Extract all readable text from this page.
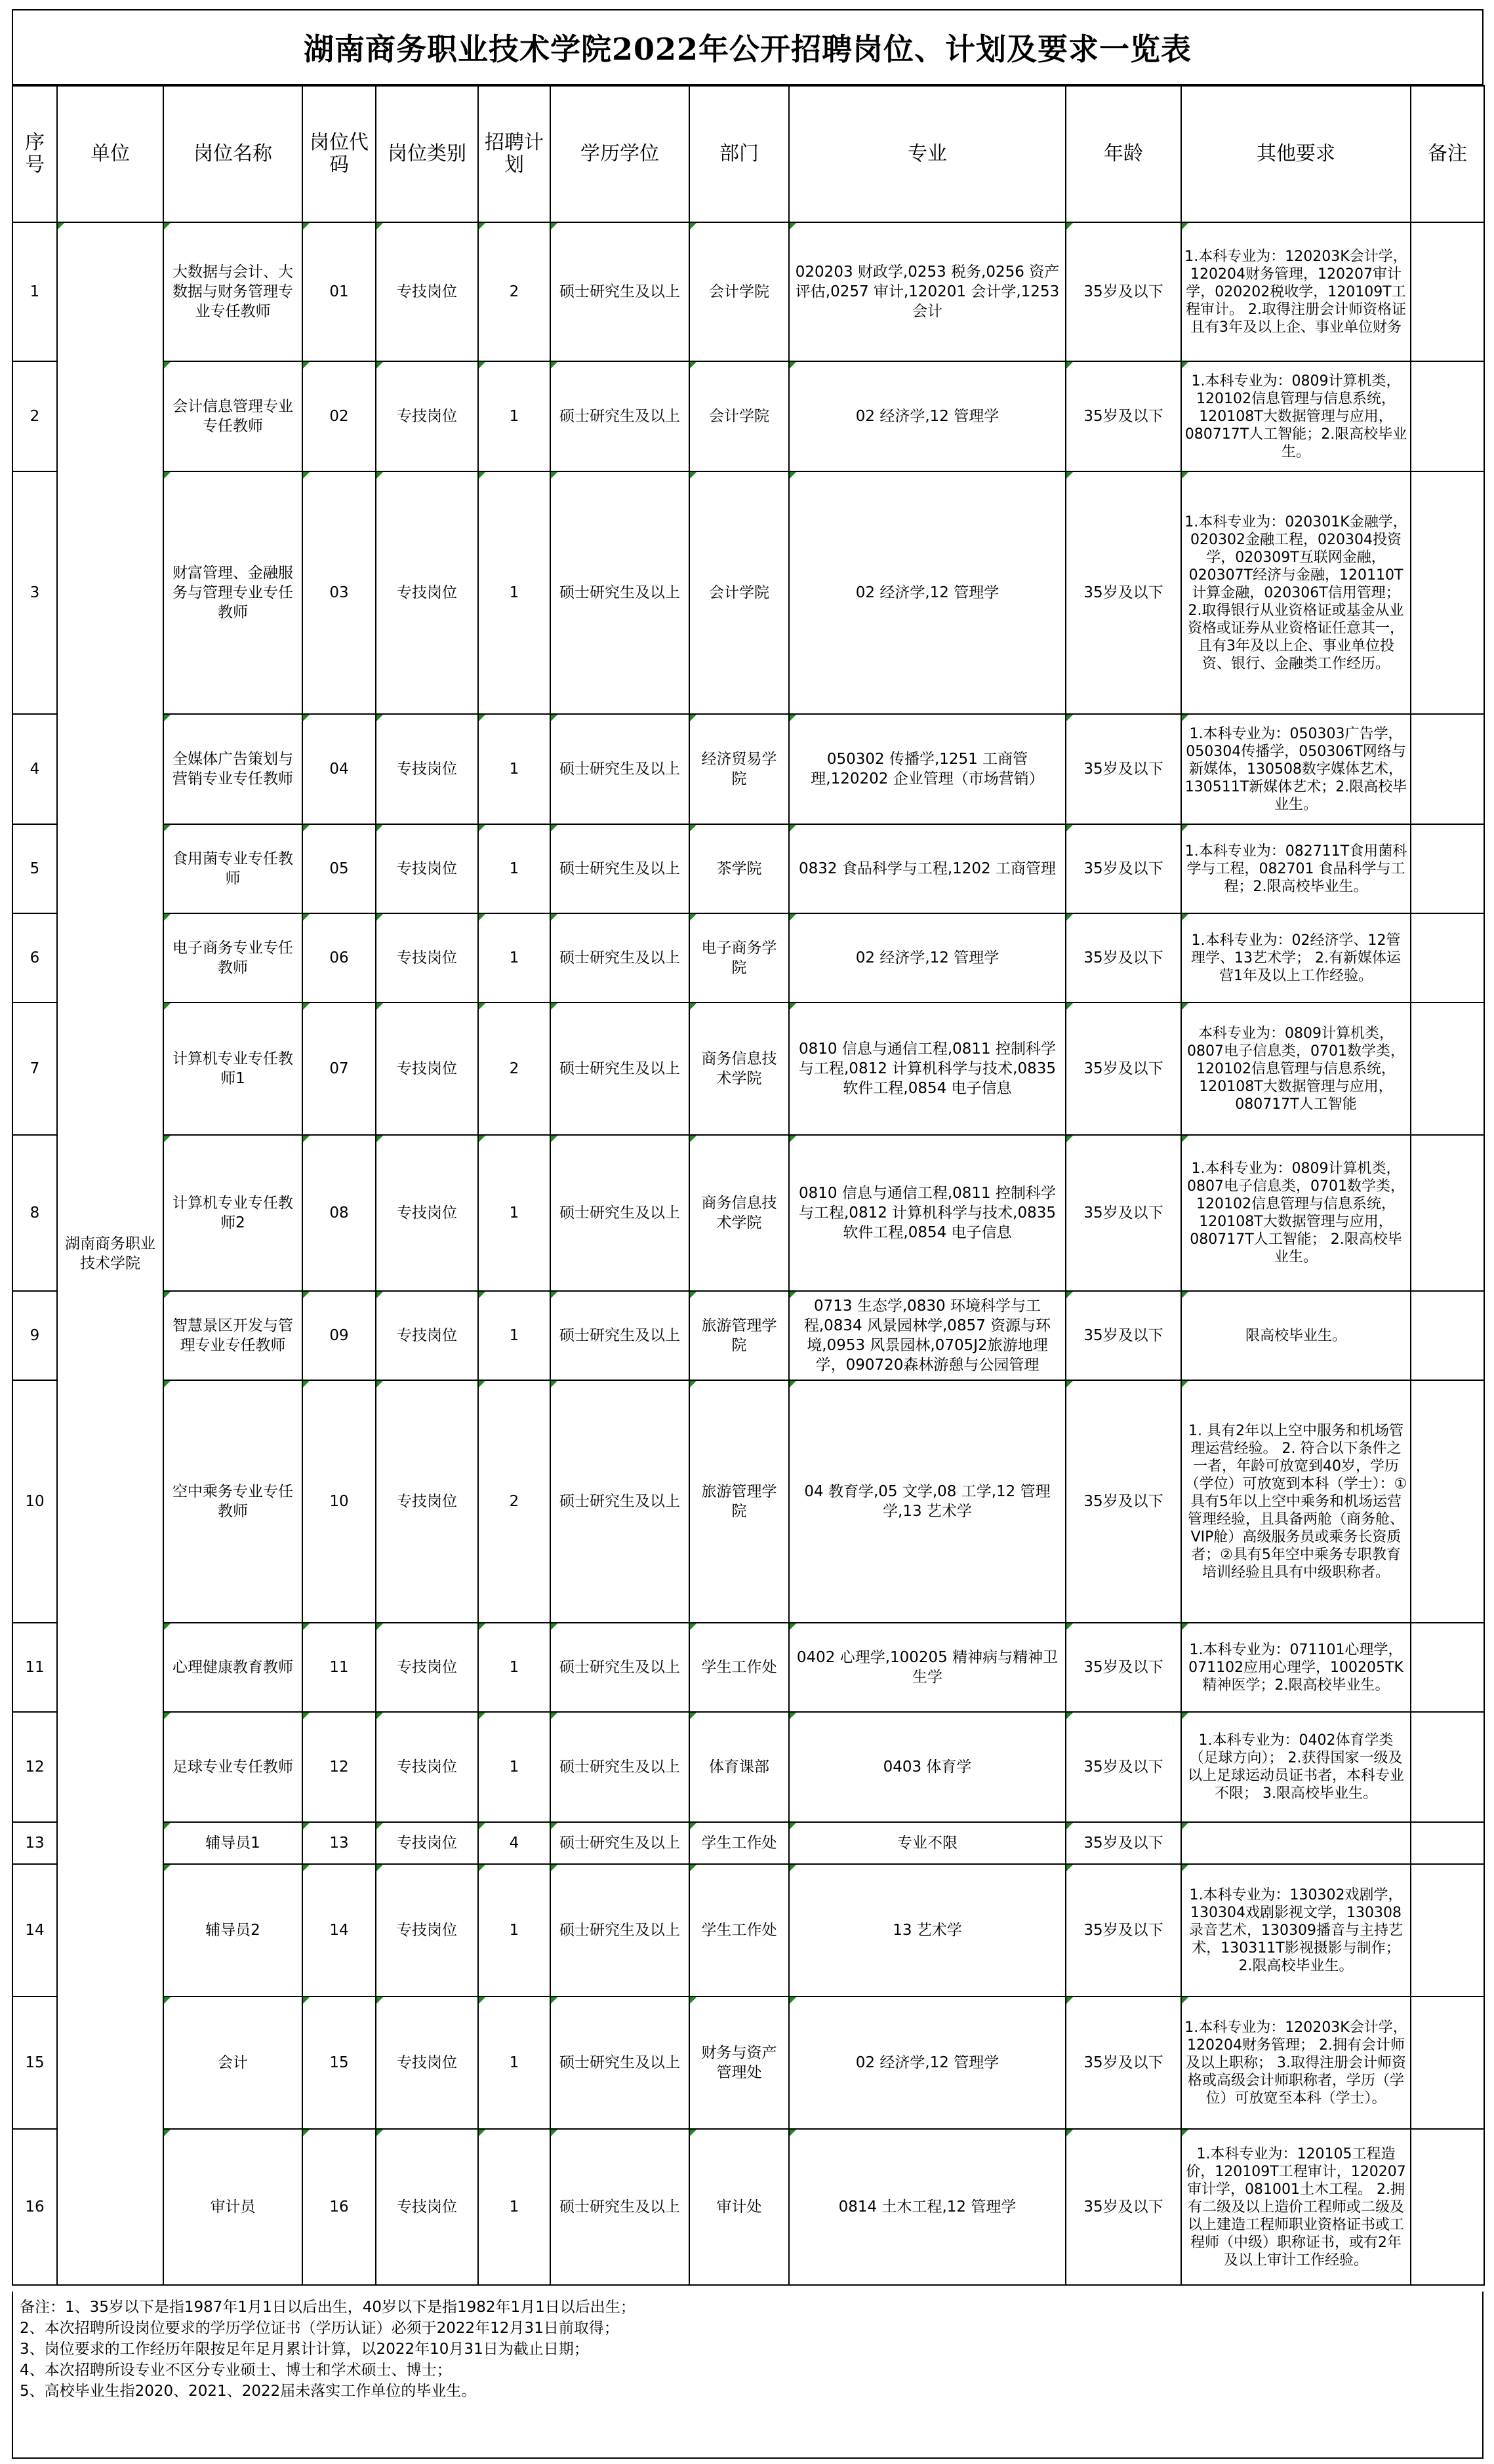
湖南商务职业技术学院2022年公开招聘岗位、计划及要求一览表
序号	单位	岗位名称	岗位代码	岗位类别	招聘计划	学历学位	部门	专业	年龄	其他要求	备注
1	湖南商务职业技术学院	大数据与会计、大数据与财务管理专业专任教师	01	专技岗位	2	硕士研究生及以上	会计学院	020203 财政学,0253 税务,0256 资产评估,0257 审计,120201 会计学,1253 会计	35岁及以下	1.本科专业为：120203K会计学，120204财务管理，120207审计学，020202税收学，120109T工程审计。 2.取得注册会计师资格证且有3年及以上企、事业单位财务	
2		会计信息管理专业专任教师	02	专技岗位	1	硕士研究生及以上	会计学院	02 经济学,12 管理学	35岁及以下	1.本科专业为：0809计算机类，120102信息管理与信息系统，120108T大数据管理与应用，080717T人工智能；2.限高校毕业生。	
3		财富管理、金融服务与管理专业专任教师	03	专技岗位	1	硕士研究生及以上	会计学院	02 经济学,12 管理学	35岁及以下	1.本科专业为：020301K金融学，020302金融工程，020304投资学，020309T互联网金融，020307T经济与金融，120110T计算金融，020306T信用管理； 2.取得银行从业资格证或基金从业资格或证券从业资格证任意其一，且有3年及以上企、事业单位投资、银行、金融类工作经历。	
4		全媒体广告策划与营销专业专任教师	04	专技岗位	1	硕士研究生及以上	经济贸易学院	050302 传播学,1251 工商管理,120202 企业管理（市场营销）	35岁及以下	1.本科专业为：050303广告学，050304传播学，050306T网络与新媒体，130508数字媒体艺术，130511T新媒体艺术；2.限高校毕业生。	
5		食用菌专业专任教师	05	专技岗位	1	硕士研究生及以上	茶学院	0832 食品科学与工程,1202 工商管理	35岁及以下	1.本科专业为：082711T食用菌科学与工程，082701 食品科学与工程；2.限高校毕业生。	
6		电子商务专业专任教师	06	专技岗位	1	硕士研究生及以上	电子商务学院	02 经济学,12 管理学	35岁及以下	1.本科专业为：02经济学、12管理学、13艺术学； 2.有新媒体运营1年及以上工作经验。	
7		计算机专业专任教师1	07	专技岗位	2	硕士研究生及以上	商务信息技术学院	0810 信息与通信工程,0811 控制科学与工程,0812 计算机科学与技术,0835 软件工程,0854 电子信息	35岁及以下	本科专业为：0809计算机类，0807电子信息类，0701数学类，120102信息管理与信息系统，120108T大数据管理与应用，080717T人工智能	
8		计算机专业专任教师2	08	专技岗位	1	硕士研究生及以上	商务信息技术学院	0810 信息与通信工程,0811 控制科学与工程,0812 计算机科学与技术,0835 软件工程,0854 电子信息	35岁及以下	1.本科专业为：0809计算机类，0807电子信息类，0701数学类，120102信息管理与信息系统，120108T大数据管理与应用，080717T人工智能； 2.限高校毕业生。	
9		智慧景区开发与管理专业专任教师	09	专技岗位	1	硕士研究生及以上	旅游管理学院	0713 生态学,0830 环境科学与工程,0834 风景园林学,0857 资源与环境,0953 风景园林,0705J2旅游地理学，090720森林游憩与公园管理	35岁及以下	限高校毕业生。	
10		空中乘务专业专任教师	10	专技岗位	2	硕士研究生及以上	旅游管理学院	04 教育学,05 文学,08 工学,12 管理学,13 艺术学	35岁及以下	1. 具有2年以上空中服务和机场管理运营经验。 2. 符合以下条件之一者，年龄可放宽到40岁，学历（学位）可放宽到本科（学士）：①具有5年以上空中乘务和机场运营管理经验，且具备两舱（商务舱、VIP舱）高级服务员或乘务长资质者；②具有5年空中乘务专职教育培训经验且具有中级职称者。	
11		心理健康教育教师	11	专技岗位	1	硕士研究生及以上	学生工作处	0402 心理学,100205 精神病与精神卫生学	35岁及以下	1.本科专业为：071101心理学，071102应用心理学，100205TK精神医学；2.限高校毕业生。	
12		足球专业专任教师	12	专技岗位	1	硕士研究生及以上	体育课部	0403 体育学	35岁及以下	1.本科专业为：0402体育学类（足球方向）； 2.获得国家一级及以上足球运动员证书者，本科专业不限； 3.限高校毕业生。	
13		辅导员1	13	专技岗位	4	硕士研究生及以上	学生工作处	专业不限	35岁及以下		
14		辅导员2	14	专技岗位	1	硕士研究生及以上	学生工作处	13 艺术学	35岁及以下	1.本科专业为：130302戏剧学，130304戏剧影视文学，130308录音艺术，130309播音与主持艺术，130311T影视摄影与制作； 2.限高校毕业生。	
15		会计	15	专技岗位	1	硕士研究生及以上	财务与资产管理处	02 经济学,12 管理学	35岁及以下	1.本科专业为：120203K会计学，120204财务管理； 2.拥有会计师及以上职称； 3.取得注册会计师资格或高级会计师职称者，学历（学位）可放宽至本科（学士）。	
16		审计员	16	专技岗位	1	硕士研究生及以上	审计处	0814 土木工程,12 管理学	35岁及以下	1.本科专业为：120105工程造价，120109T工程审计，120207 审计学，081001土木工程。 2.拥有二级及以上造价工程师或二级及以上建造工程师职业资格证书或工程师（中级）职称证书，或有2年及以上审计工作经验。	
备注：1、35岁以下是指1987年1月1日以后出生，40岁以下是指1982年1月1日以后出生；
2、本次招聘所设岗位要求的学历学位证书（学历认证）必须于2022年12月31日前取得；
3、岗位要求的工作经历年限按足年足月累计计算，以2022年10月31日为截止日期；
4、本次招聘所设专业不区分专业硕士、博士和学术硕士、博士；
5、高校毕业生指2020、2021、2022届未落实工作单位的毕业生。
